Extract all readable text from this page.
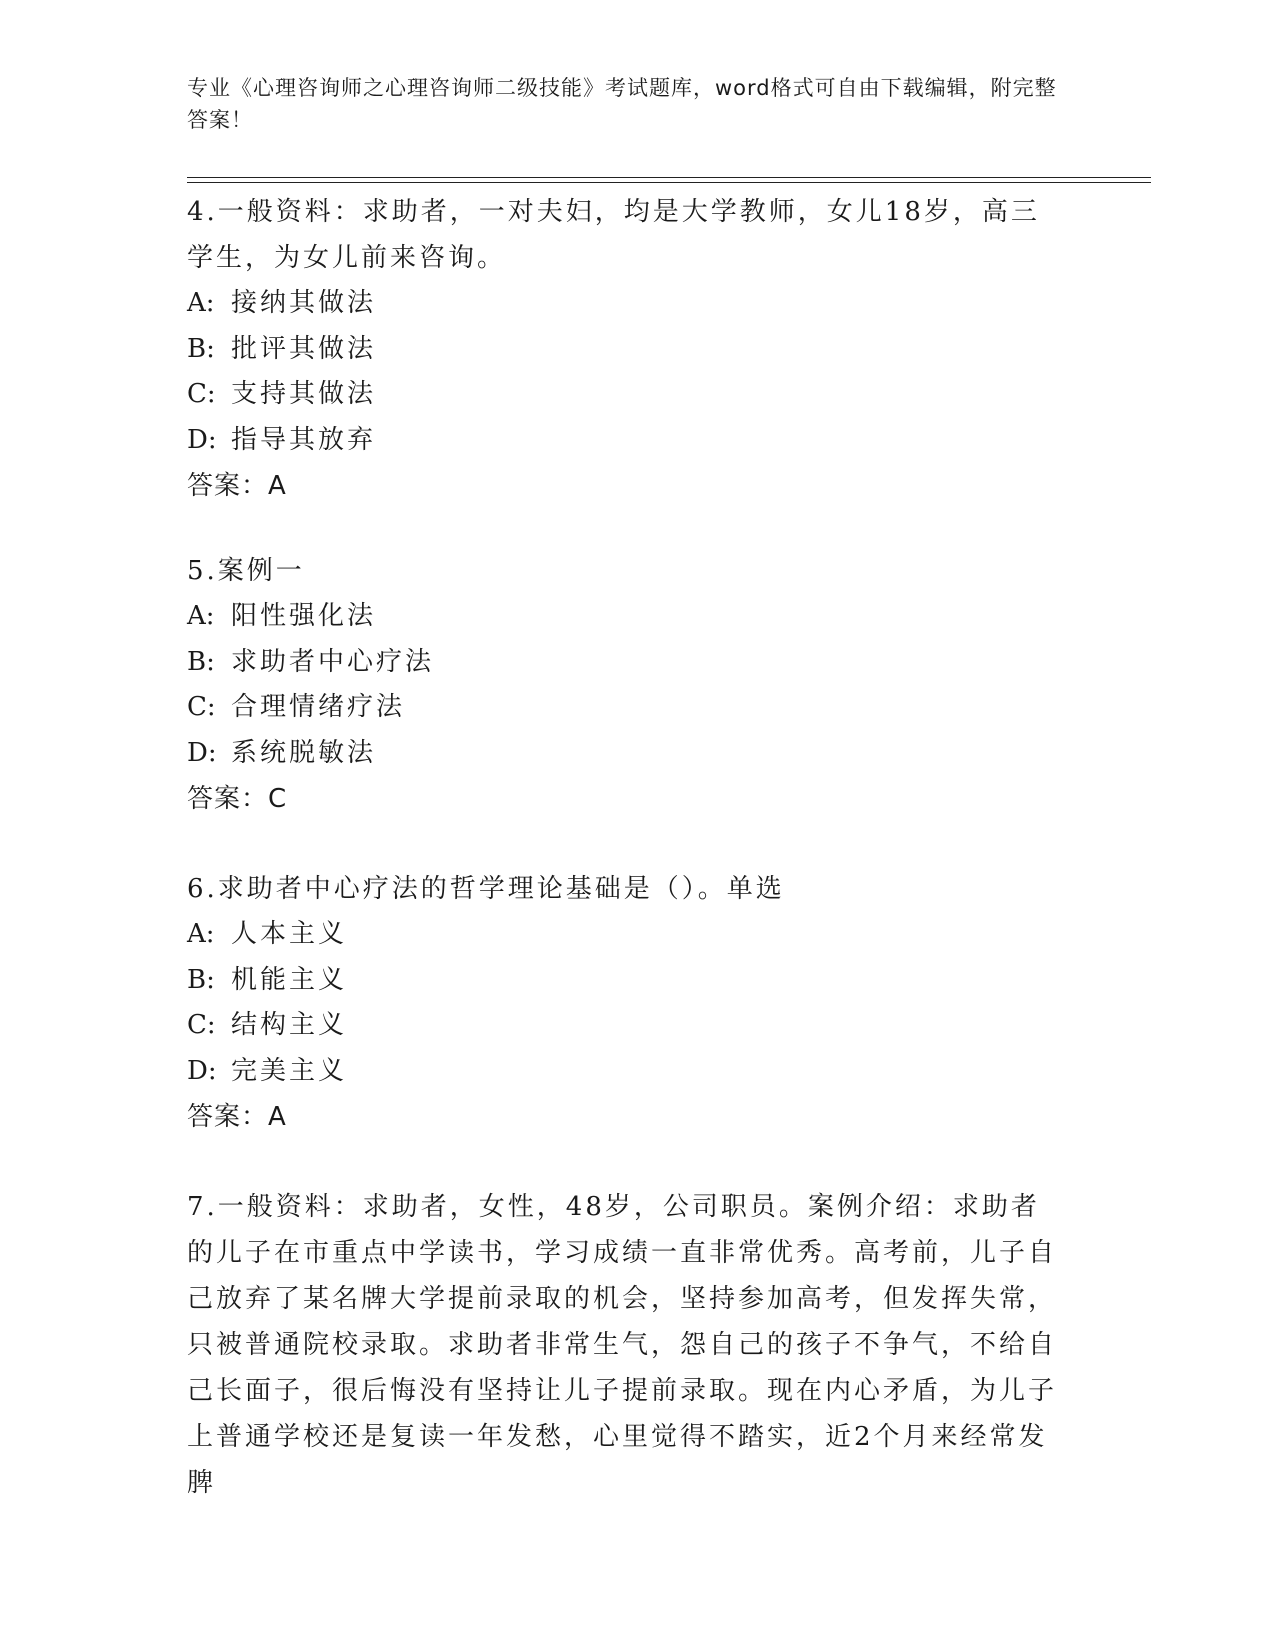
专业《心理咨询师之心理咨询师二级技能》考试题库，word格式可自由下载编辑，附完整答案！

4.一般资料：求助者，一对夫妇，均是大学教师，女儿18岁，高三学生，为女儿前来咨询。

A: 接纳其做法
B: 批评其做法
C: 支持其做法
D: 指导其放弃
答案：A

5.案例一

A: 阳性强化法
B: 求助者中心疗法
C: 合理情绪疗法
D: 系统脱敏法
答案：C

6.求助者中心疗法的哲学理论基础是（）。单选

A: 人本主义
B: 机能主义
C: 结构主义
D: 完美主义
答案：A

7.一般资料：求助者，女性，48岁，公司职员。案例介绍：求助者的儿子在市重点中学读书，学习成绩一直非常优秀。高考前，儿子自己放弃了某名牌大学提前录取的机会，坚持参加高考，但发挥失常，只被普通院校录取。求助者非常生气，怨自己的孩子不争气，不给自己长面子，很后悔没有坚持让儿子提前录取。现在内心矛盾，为儿子上普通学校还是复读一年发愁，心里觉得不踏实，近2个月来经常发脾
